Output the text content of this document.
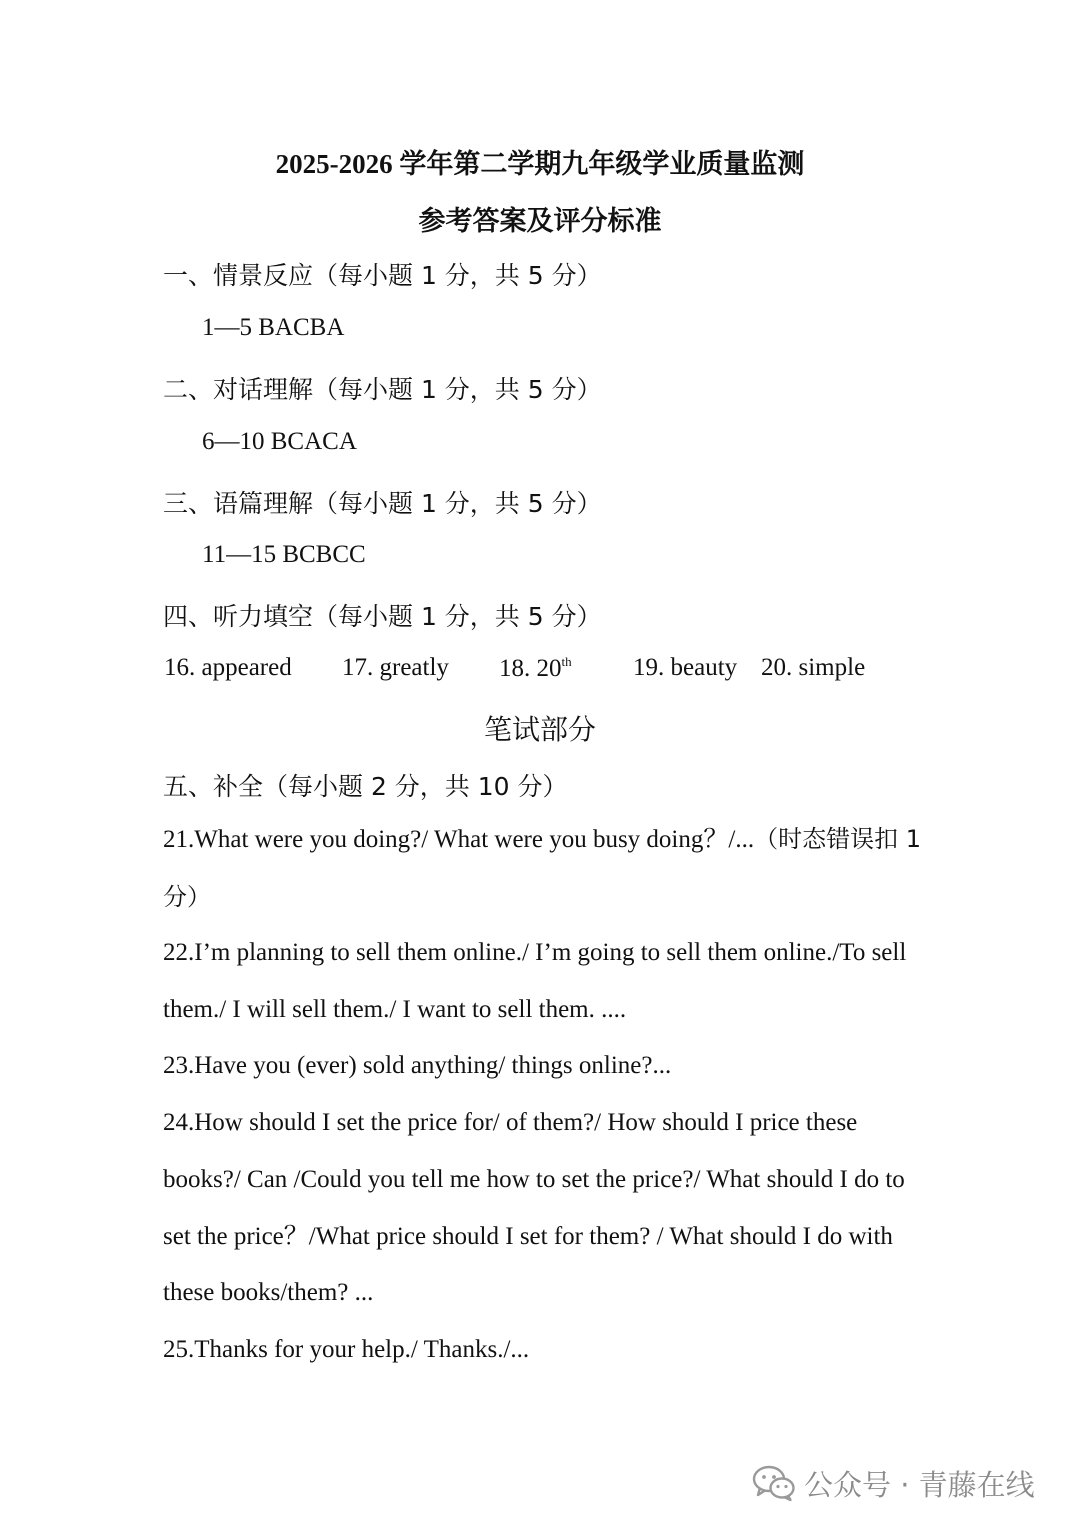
2025-2026 学年第二学期九年级学业质量监测
参考答案及评分标准
一、情景反应（每小题 1 分，共 5 分）
1—5 BACBA
二、对话理解（每小题 1 分，共 5 分）
6—10 BCACA
三、语篇理解（每小题 1 分，共 5 分）
11—15 BCBCC
四、听力填空（每小题 1 分，共 5 分）
16. appeared 17. greatly 18. 20th 19. beauty 20. simple
笔试部分
五、补全（每小题 2 分，共 10 分）
21.What were you doing?/ What were you busy doing？/...（时态错误扣 1 分）
22.I’m planning to sell them online./ I’m going to sell them online./To sell them./ I will sell them./ I want to sell them. ....
23.Have you (ever) sold anything/ things online?...
24.How should I set the price for/ of them?/ How should I price these books?/ Can /Could you tell me how to set the price?/ What should I do to set the price？/What price should I set for them? / What should I do with these books/them? ...
25.Thanks for your help./ Thanks./...
公众号 · 青藤在线
